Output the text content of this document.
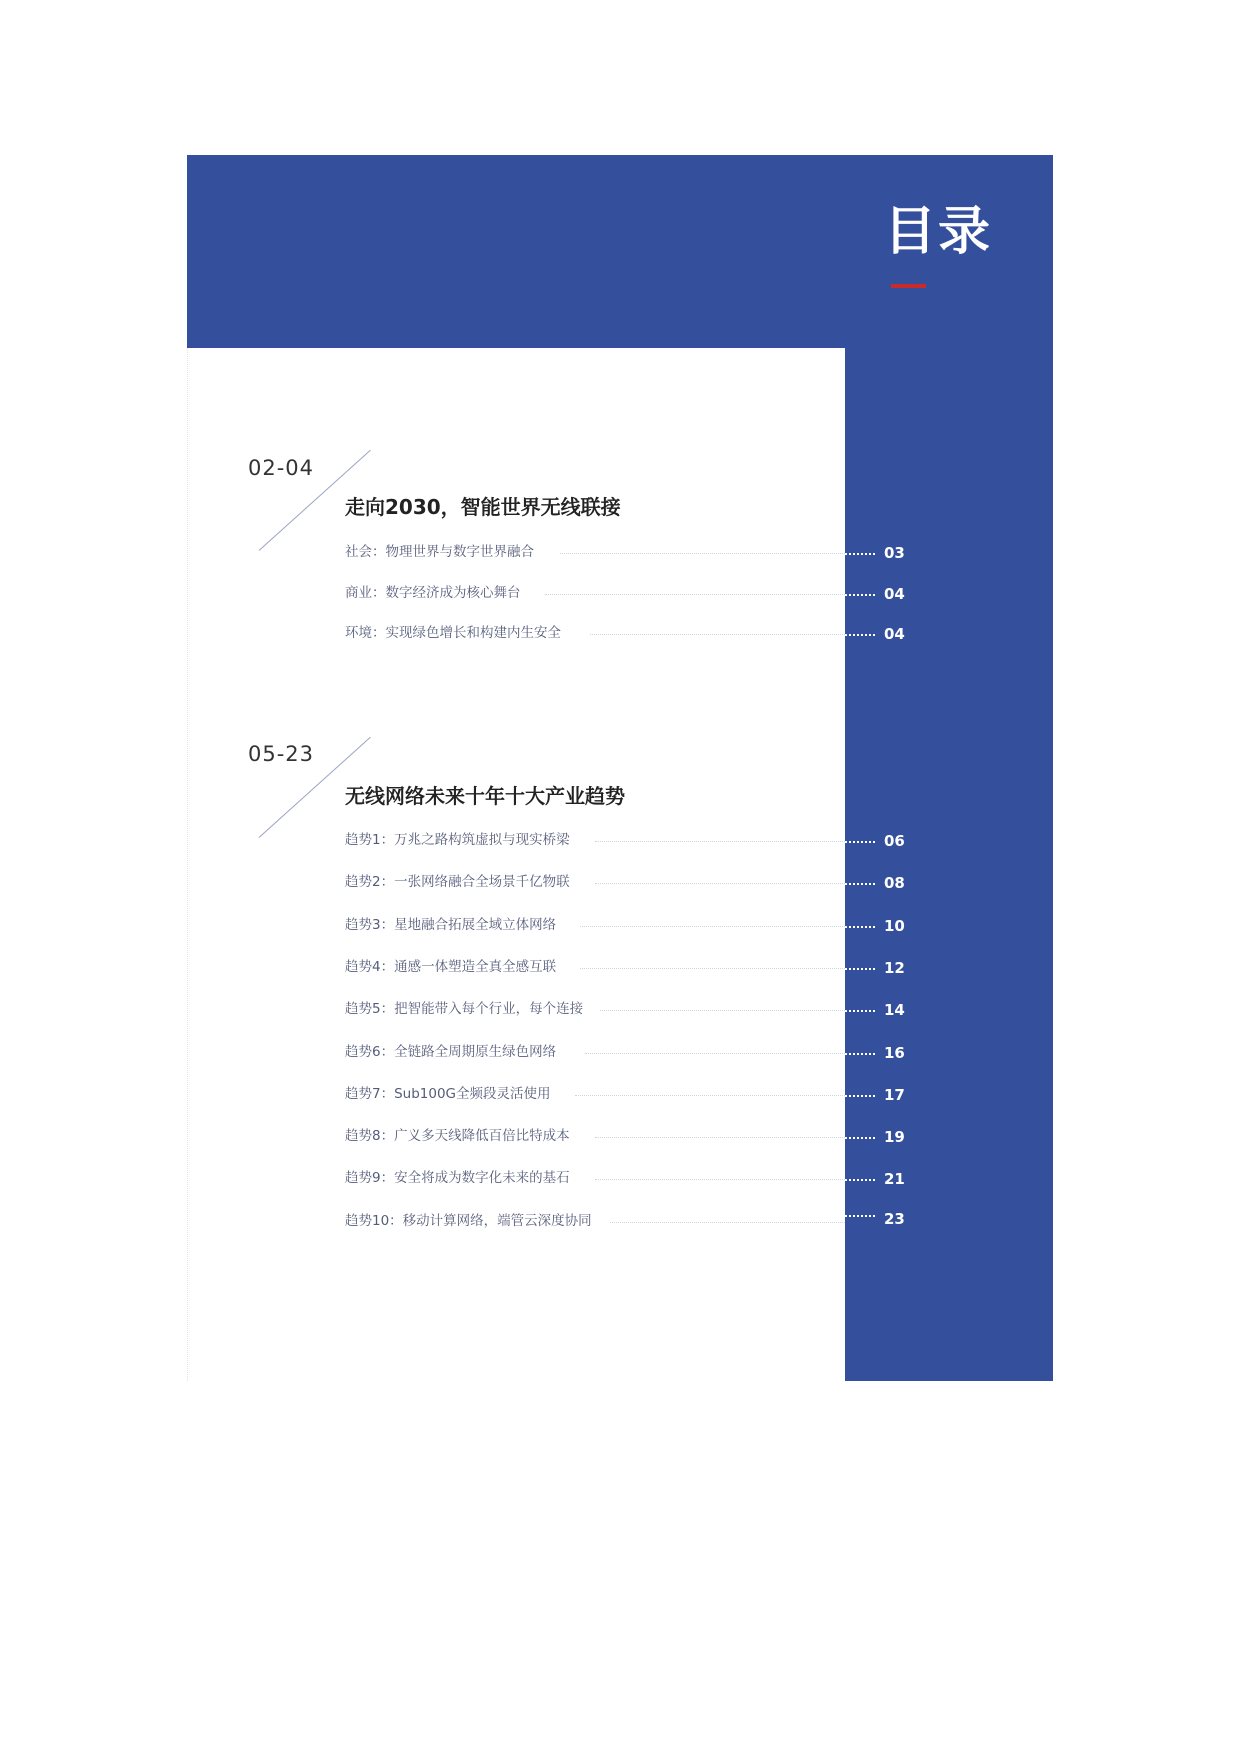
目录
02-04
走向2030，智能世界无线联接
社会：物理世界与数字世界融合	03
商业：数字经济成为核心舞台	04
环境：实现绿色增长和构建内生安全	04
05-23
无线网络未来十年十大产业趋势
趋势1：万兆之路构筑虚拟与现实桥梁	06
趋势2：一张网络融合全场景千亿物联	08
趋势3：星地融合拓展全域立体网络	10
趋势4：通感一体塑造全真全感互联	12
趋势5：把智能带入每个行业，每个连接	14
趋势6：全链路全周期原生绿色网络	16
趋势7：Sub100G全频段灵活使用	17
趋势8：广义多天线降低百倍比特成本	19
趋势9：安全将成为数字化未来的基石	21
趋势10：移动计算网络，端管云深度协同	23
